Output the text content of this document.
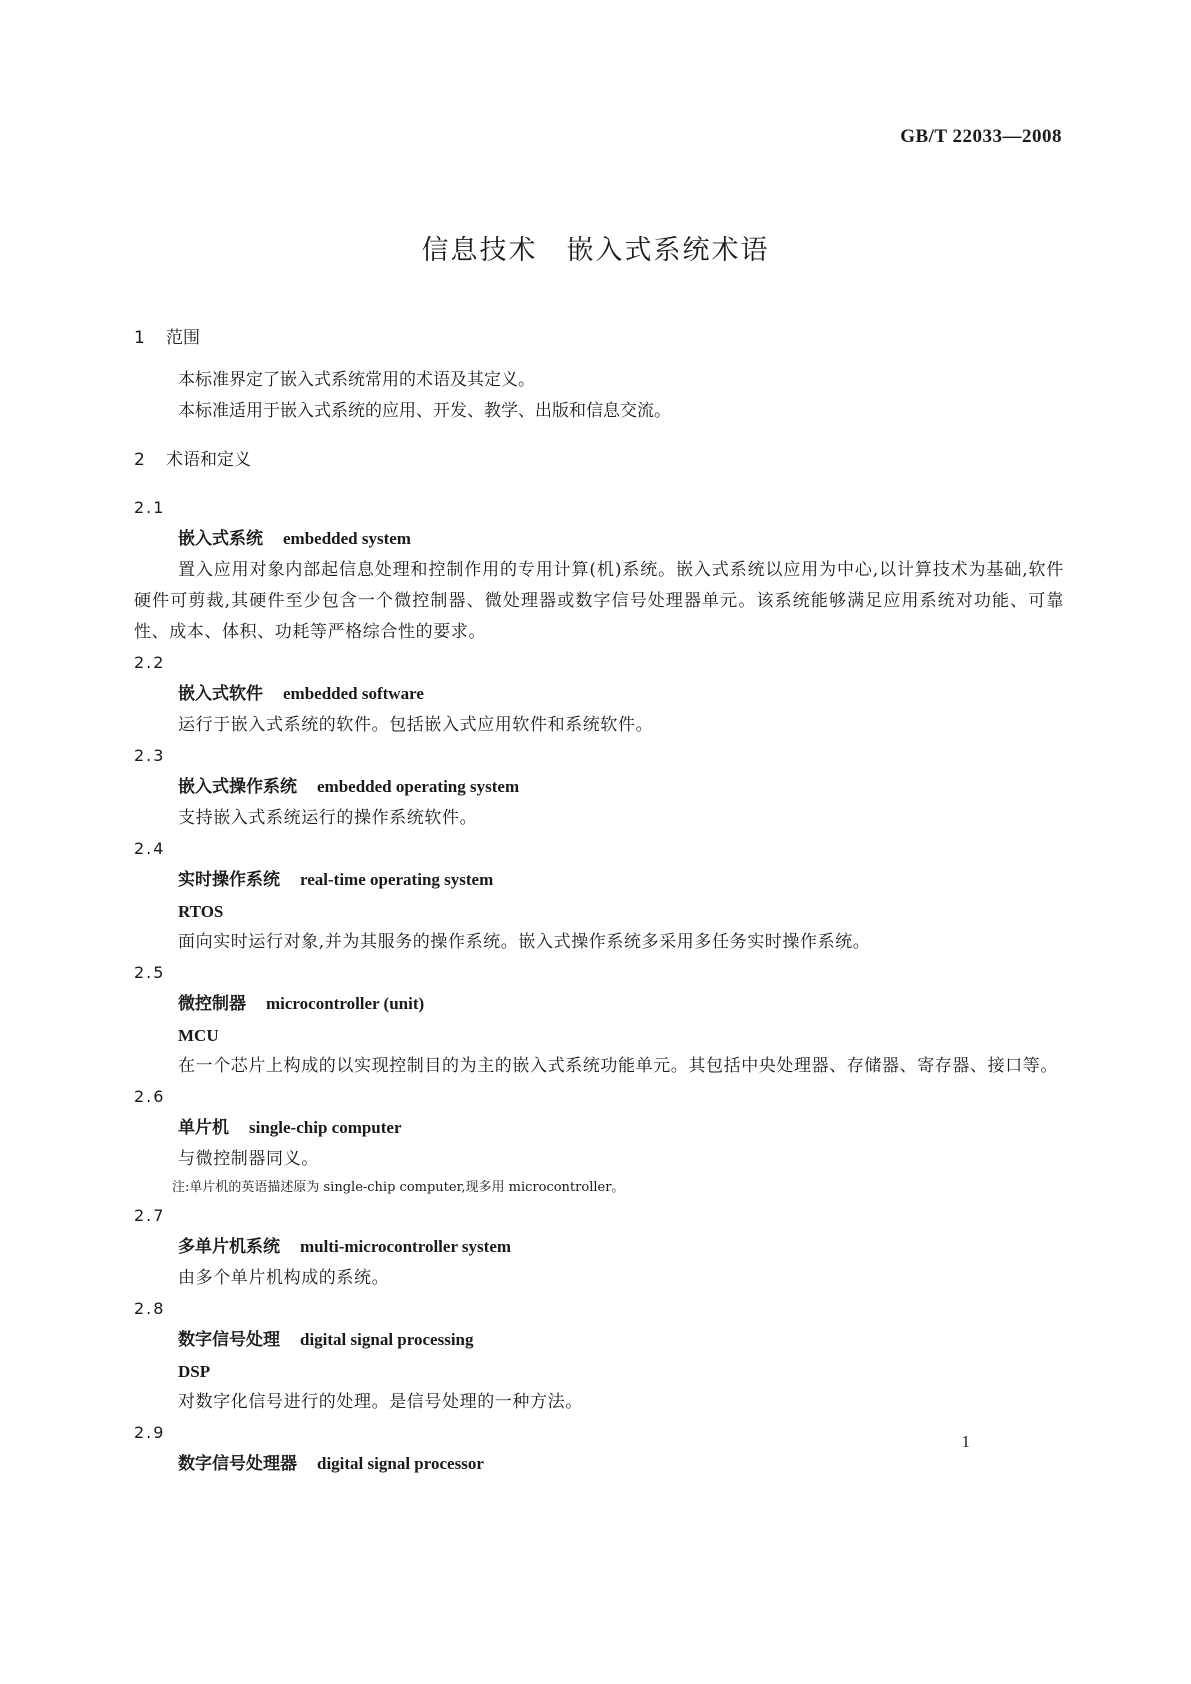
GB/T 22033—2008
信息技术　嵌入式系统术语
1 范围
本标准界定了嵌入式系统常用的术语及其定义。
本标准适用于嵌入式系统的应用、开发、教学、出版和信息交流。
2 术语和定义
2.1
嵌入式系统 embedded system
置入应用对象内部起信息处理和控制作用的专用计算(机)系统。嵌入式系统以应用为中心,以计算技术为基础,软件硬件可剪裁,其硬件至少包含一个微控制器、微处理器或数字信号处理器单元。该系统能够满足应用系统对功能、可靠性、成本、体积、功耗等严格综合性的要求。
2.2
嵌入式软件 embedded software
运行于嵌入式系统的软件。包括嵌入式应用软件和系统软件。
2.3
嵌入式操作系统 embedded operating system
支持嵌入式系统运行的操作系统软件。
2.4
实时操作系统 real-time operating system
RTOS
面向实时运行对象,并为其服务的操作系统。嵌入式操作系统多采用多任务实时操作系统。
2.5
微控制器 microcontroller (unit)
MCU
在一个芯片上构成的以实现控制目的为主的嵌入式系统功能单元。其包括中央处理器、存储器、寄存器、接口等。
2.6
单片机 single-chip computer
与微控制器同义。
注:单片机的英语描述原为 single-chip computer,现多用 microcontroller。
2.7
多单片机系统 multi-microcontroller system
由多个单片机构成的系统。
2.8
数字信号处理 digital signal processing
DSP
对数字化信号进行的处理。是信号处理的一种方法。
2.9
数字信号处理器 digital signal processor
1
